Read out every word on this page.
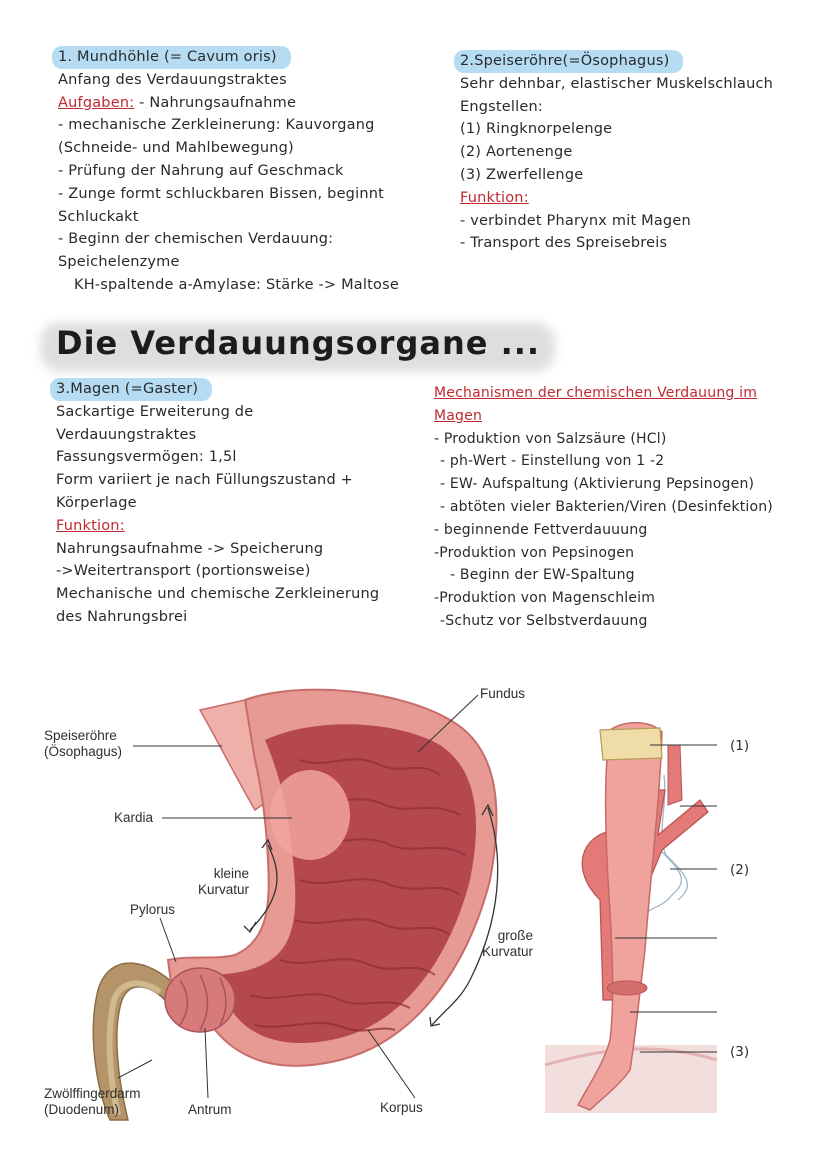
1. Mundhöhle (= Cavum oris)
Anfang des Verdauungstraktes
Aufgaben: - Nahrungsaufnahme
- mechanische Zerkleinerung: Kauvorgang
(Schneide- und Mahlbewegung)
- Prüfung der Nahrung auf Geschmack
- Zunge formt schluckbaren Bissen, beginnt
Schluckakt
- Beginn der chemischen Verdauung:
Speichelenzyme
KH-spaltende a-Amylase: Stärke -> Maltose
2.Speiseröhre(=Ösophagus)
Sehr dehnbar, elastischer Muskelschlauch
Engstellen:
(1) Ringknorpelenge
(2) Aortenenge
(3) Zwerfellenge
Funktion:
- verbindet Pharynx mit Magen
- Transport des Spreisebreis
Die Verdauungsorgane ...
3.Magen (=Gaster)
Sackartige Erweiterung de
Verdauungstraktes
Fassungsvermögen: 1,5l
Form variiert je nach Füllungszustand +
Körperlage
Funktion:
Nahrungsaufnahme -> Speicherung
->Weitertransport (portionsweise)
Mechanische und chemische Zerkleinerung
des Nahrungsbrei
Mechanismen der chemischen Verdauung im
Magen
- Produktion von Salzsäure (HCl)
- ph-Wert - Einstellung von 1 -2
- EW- Aufspaltung (Aktivierung Pepsinogen)
- abtöten vieler Bakterien/Viren (Desinfektion)
- beginnende Fettverdauuung
-Produktion von Pepsinogen
- Beginn der EW-Spaltung
-Produktion von Magenschleim
-Schutz vor Selbstverdauung
Speiseröhre
(Ösophagus)
Kardia
Fundus
kleine
Kurvatur
Pylorus
große
Kurvatur
Zwölffingerdarm
(Duodenum)	Antrum	Korpus
(1)
(2)
(3)
